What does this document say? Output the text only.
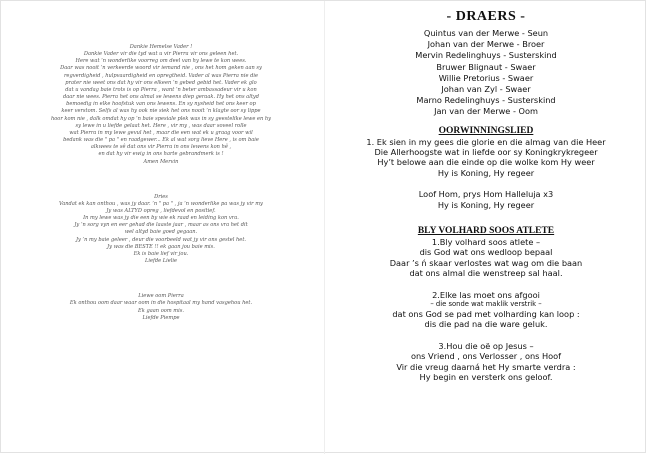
Dankie Hemelse Vader !
Dankie Vader vir die tyd wat u vir Pierra vir ons geleen het.
Here wat ’n wonderlike voorreg om deel van hy lewe te kon wees.
Daar was nooit ’n verkeerde woord vir iemand nie , ons het hom geken aan sy
regverdigheid , hulpvaardigheid en opregtheid. Vader al was Pierra nie die
prater nie weet ons dat hy vir ons elkeen ’n gebed gebid het. Vader ek glo
dat u vandag baie trots is op Pierra , want ’n beter ambassadeur vir u kon
daar nie wees. Pierra het ons almal se lewens diep geraak. Hy het ons altyd
bemoedig in elke hoofstuk van ons lewens. En sy nysheid het ons keer op
keer verstom. Selfs al was hy ook nie siek het ons nooit ’n klagte oor sy lippe
hoor kom nie , dalk omdat hy op ’n baie spesiale plek was in sy geestelike lewe en hy
sy lewe in u liefde gelaat het. Here , vir my , was daar soveel rolle
wat Pierra in my lewe gevul het , maar die een wat ek u graag voor wil
bedank was die " pa " en raadgewer... Ek al wat sorg lieve Here , is om baie
alkwees te sê dat ons vir Pierra in ons lewens kon hê ,
en dat hy vir ewig in ons harte gebrandmerk is !
Amen Mervin
Dries
Vandat ek kan onthou , was jy daar. ’n " pa " , ja ’n wonderlike pa was jy vir my
Jy was ALTYD opreg , liefdevol en positief.
In my lewe was jy die een by wie ek raad en leiding kon vra.
Jy ’n sorg vyn en eer gehad die laaste jaar , maar as ons vra het dit
wel altyd baie goed gegaan.
Jy ’n my baie geleer , deur die voorbeeld wat jy vir ons gestel het.
Jy was die BESTE !! ek gaan jou baie mis.
Ek is baie lief vir jou.
Liefde Lielie
Liewe oom Pierra
Ek onthou oom daar waar oom in die hospitaal my hand vasgehou het.
Ek gaan oom mis.
Liefde Piempe
- DRAERS -
Quintus van der Merwe - Seun
Johan van der Merwe - Broer
Mervin Redelinghuys - Susterskind
Bruwer Blignaut - Swaer
Willie Pretorius - Swaer
Johan van Zyl - Swaer
Marno Redelinghuys - Susterskind
Jan van der Merwe - Oom
OORWINNINGSLIED
1. Ek sien in my gees die glorie en die almag van die Heer
Die Allerhoogste wat in liefde oor sy Koningkrykregeer
Hy’t belowe aan die einde op die wolke kom Hy weer
Hy is Koning, Hy regeer
Loof Hom, prys Hom Halleluja x3
Hy is Koning, Hy regeer
BLY VOLHARD SOOS ATLETE
1.Bly volhard soos atlete –
dis God wat ons wedloop bepaal
Daar ’s ń skaar verlostes wat wag om die baan
dat ons almal die wenstreep sal haal.
2.Elke las moet ons afgooi
– die sonde wat maklik verstrik –
dat ons God se pad met volharding kan loop :
dis die pad na die ware geluk.
3.Hou die oë op Jesus –
ons Vriend , ons Verlosser , ons Hoof
Vir die vreug daarná het Hy smarte verdra :
Hy begin en versterk ons geloof.
